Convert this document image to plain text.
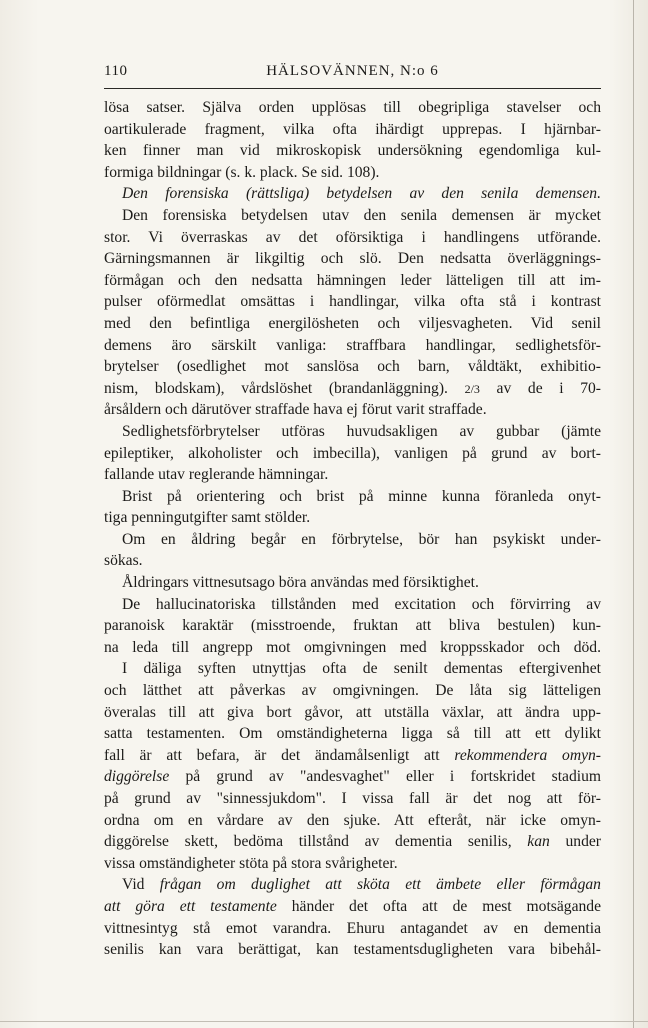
110	HÄLSOVÄNNEN, N:o 6
lösa satser. Själva orden upplösas till obegripliga stavelser och
oartikulerade fragment, vilka ofta ihärdigt upprepas. I hjärnbar-
ken finner man vid mikroskopisk undersökning egendomliga kul-
formiga bildningar (s. k. plack. Se sid. 108).
Den forensiska (rättsliga) betydelsen av den senila demensen.
Den forensiska betydelsen utav den senila demensen är mycket
stor. Vi överraskas av det oförsiktiga i handlingens utförande.
Gärningsmannen är likgiltig och slö. Den nedsatta överläggnings-
förmågan och den nedsatta hämningen leder lätteligen till att im-
pulser oförmedlat omsättas i handlingar, vilka ofta stå i kontrast
med den befintliga energilösheten och viljesvagheten. Vid senil
demens äro särskilt vanliga: straffbara handlingar, sedlighetsför-
brytelser (osedlighet mot sanslösa och barn, våldtäkt, exhibitio-
nism, blodskam), vårdslöshet (brandanläggning). 2/3 av de i 70-
årsåldern och därutöver straffade hava ej förut varit straffade.
Sedlighetsförbrytelser utföras huvudsakligen av gubbar (jämte
epileptiker, alkoholister och imbecilla), vanligen på grund av bort-
fallande utav reglerande hämningar.
Brist på orientering och brist på minne kunna föranleda onyt-
tiga penningutgifter samt stölder.
Om en åldring begår en förbrytelse, bör han psykiskt under-
sökas.
Åldringars vittnesutsago böra användas med försiktighet.
De hallucinatoriska tillstånden med excitation och förvirring av
paranoisk karaktär (misstroende, fruktan att bliva bestulen) kun-
na leda till angrepp mot omgivningen med kroppsskador och död.
I däliga syften utnyttjas ofta de senilt dementas eftergivenhet
och lätthet att påverkas av omgivningen. De låta sig lätteligen
överalas till att giva bort gåvor, att utställa växlar, att ändra upp-
satta testamenten. Om omständigheterna ligga så till att ett dylikt
fall är att befara, är det ändamålsenligt att rekommendera omyn-
diggörelse på grund av "andesvaghet" eller i fortskridet stadium
på grund av "sinnessjukdom". I vissa fall är det nog att för-
ordna om en vårdare av den sjuke. Att efteråt, när icke omyn-
diggörelse skett, bedöma tillstånd av dementia senilis, kan under
vissa omständigheter stöta på stora svårigheter.
Vid frågan om duglighet att sköta ett ämbete eller förmågan
att göra ett testamente händer det ofta att de mest motsägande
vittnesintyg stå emot varandra. Ehuru antagandet av en dementia
senilis kan vara berättigat, kan testamentsdugligheten vara bibehål-
